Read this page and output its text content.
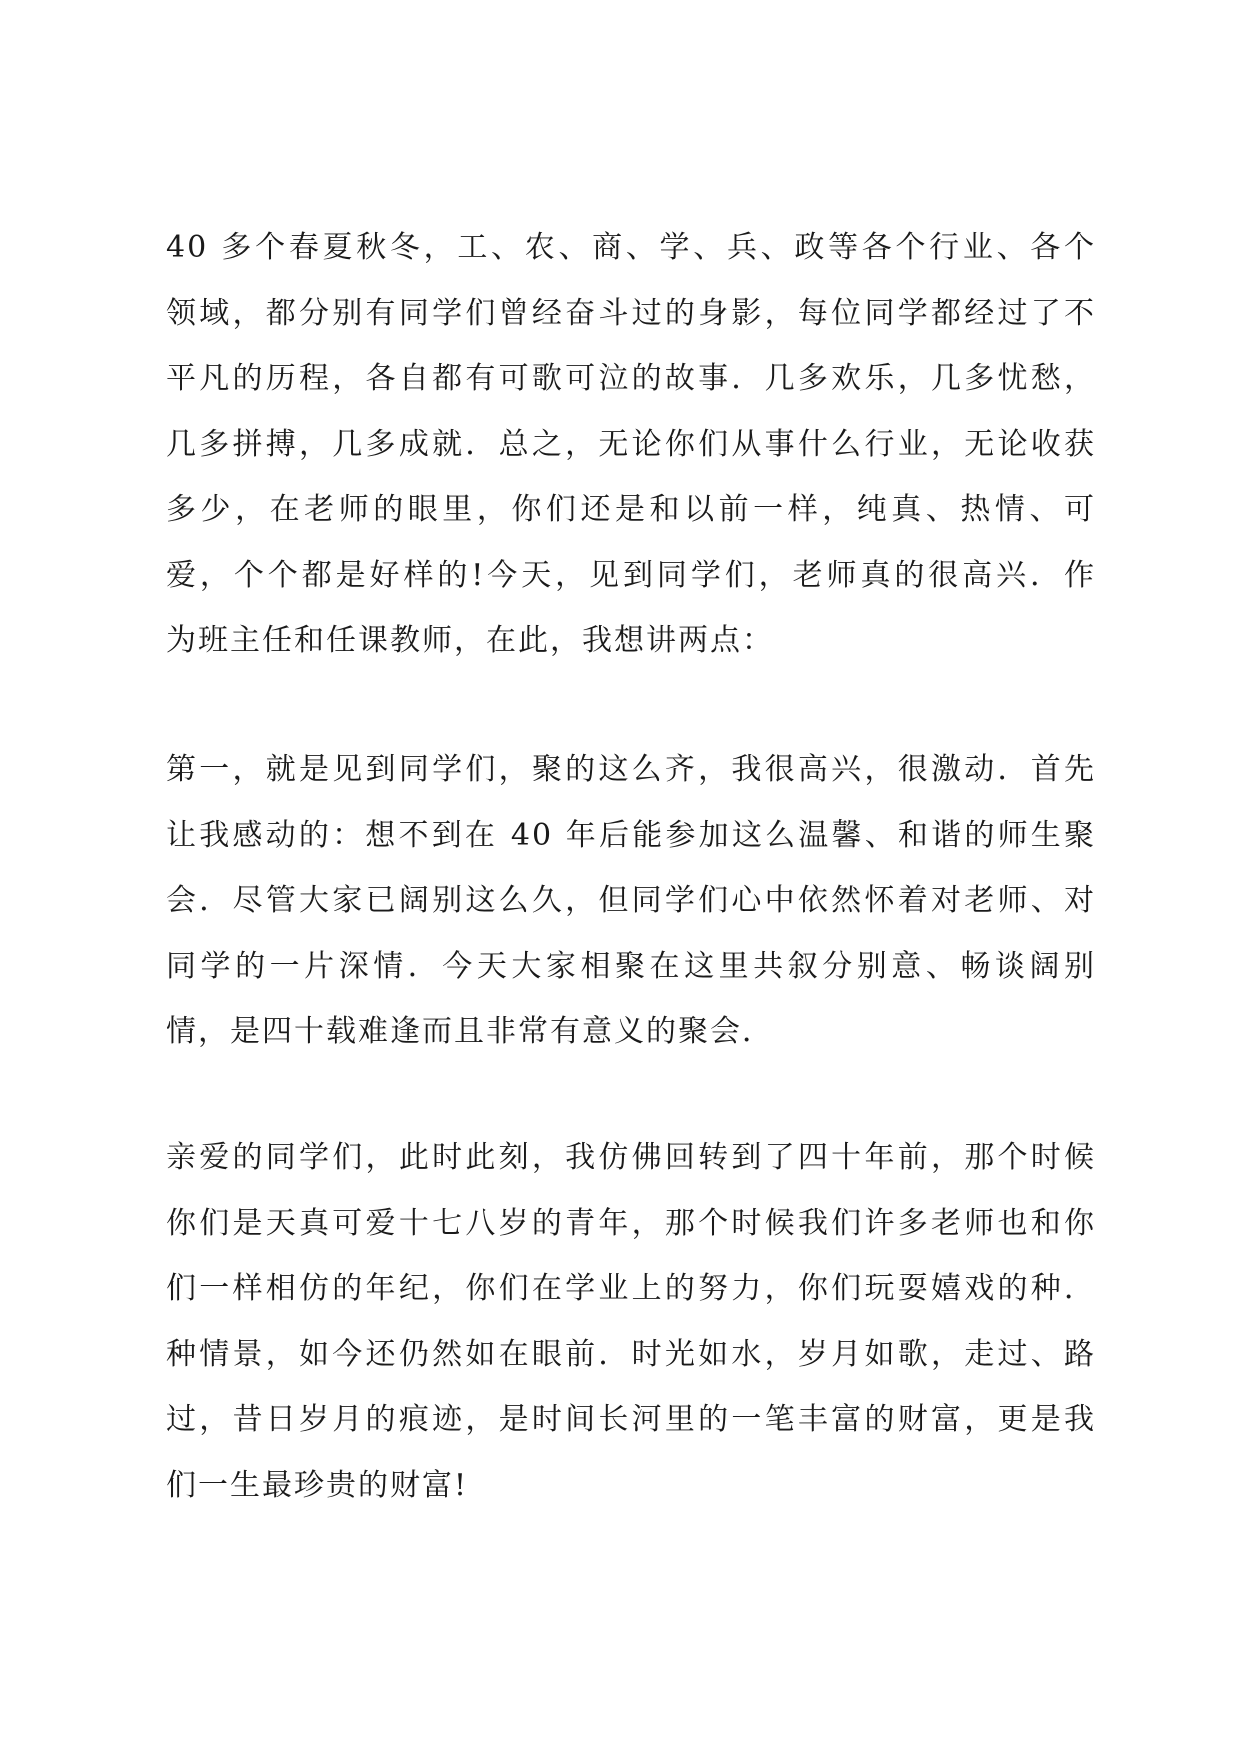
40 多个春夏秋冬，工、农、商、学、兵、政等各个行业、各个
领域，都分别有同学们曾经奋斗过的身影，每位同学都经过了不
平凡的历程，各自都有可歌可泣的故事．几多欢乐，几多忧愁，
几多拼搏，几多成就．总之，无论你们从事什么行业，无论收获
多少，在老师的眼里，你们还是和以前一样，纯真、热情、可
爱，个个都是好样的!今天，见到同学们，老师真的很高兴．作
为班主任和任课教师，在此，我想讲两点：
第一，就是见到同学们，聚的这么齐，我很高兴，很激动．首先
让我感动的：想不到在 40 年后能参加这么温馨、和谐的师生聚
会．尽管大家已阔别这么久，但同学们心中依然怀着对老师、对
同学的一片深情．今天大家相聚在这里共叙分别意、畅谈阔别
情，是四十载难逢而且非常有意义的聚会．
亲爱的同学们，此时此刻，我仿佛回转到了四十年前，那个时候
你们是天真可爱十七八岁的青年，那个时候我们许多老师也和你
们一样相仿的年纪，你们在学业上的努力，你们玩耍嬉戏的种．
种情景，如今还仍然如在眼前．时光如水，岁月如歌，走过、路
过，昔日岁月的痕迹，是时间长河里的一笔丰富的财富，更是我
们一生最珍贵的财富!
